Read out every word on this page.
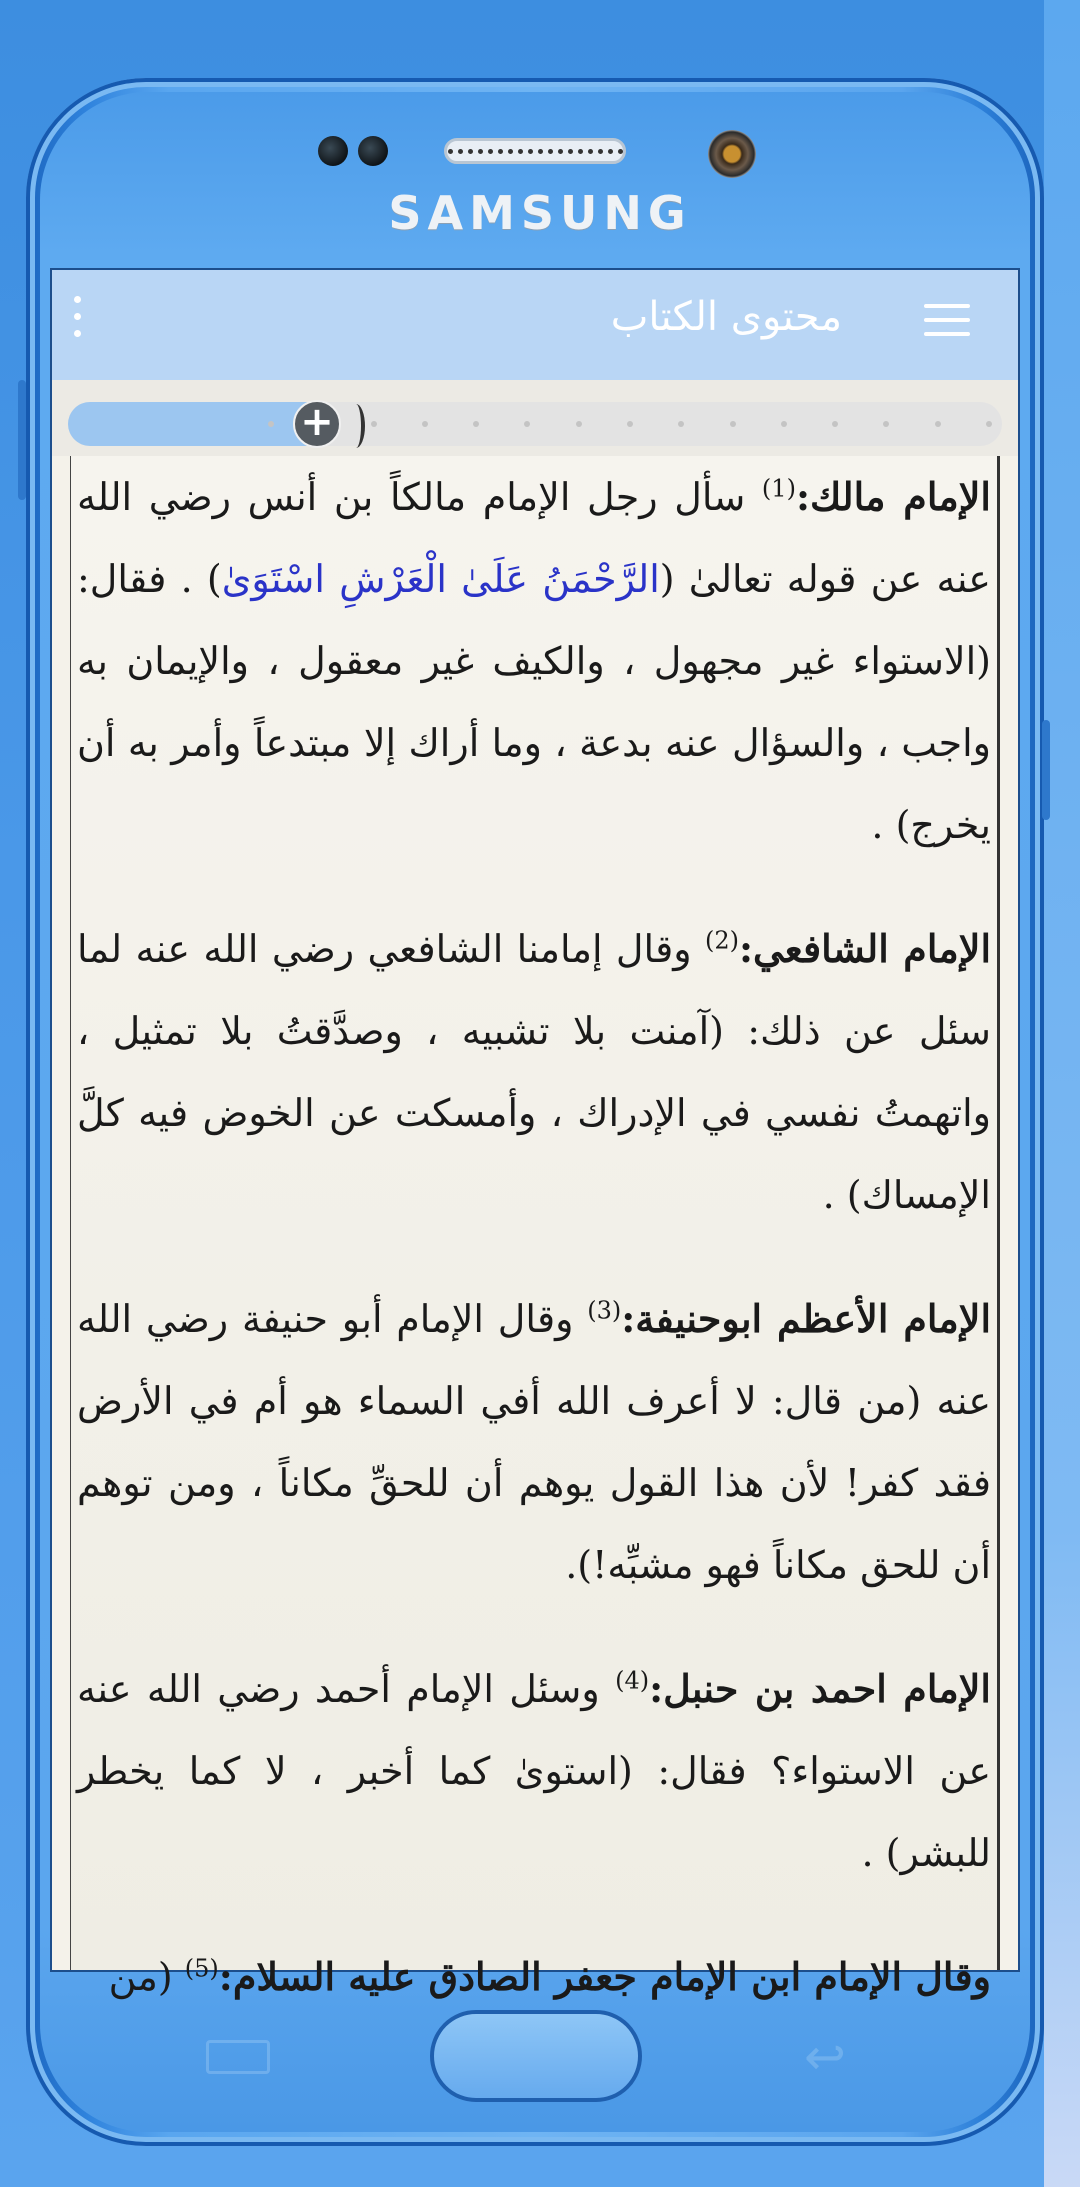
SAMSUNG
محتوى الكتاب
+

الإمام مالك:$^{(1)}$ سأل رجل الإمام مالكاً بن أنس رضي الله عنه عن قوله تعالىٰ (الرَّحْمَنُ عَلَىٰ الْعَرْشِ اسْتَوَىٰ) . فقال: (الاستواء غير مجهول ، والكيف غير معقول ، والإيمان به واجب ، والسؤال عنه بدعة ، وما أراك إلا مبتدعاً وأمر به أن يخرج) .

الإمام الشافعي:$^{(2)}$ وقال إمامنا الشافعي رضي الله عنه لما سئل عن ذلك: (آمنت بلا تشبيه ، وصدَّقتُ بلا تمثيل ، واتهمتُ نفسي في الإدراك ، وأمسكت عن الخوض فيه كلَّ الإمساك) .

الإمام الأعظم ابوحنيفة:$^{(3)}$ وقال الإمام أبو حنيفة رضي الله عنه (من قال: لا أعرف الله أفي السماء هو أم في الأرض فقد كفر! لأن هذا القول يوهم أن للحقِّ مكاناً ، ومن توهم أن للحق مكاناً فهو مشبِّه!).

الإمام احمد بن حنبل:$^{(4)}$ وسئل الإمام أحمد رضي الله عنه عن الاستواء؟ فقال: (استوىٰ كما أخبر ، لا كما يخطر للبشر) .

وقال الإمام ابن الإمام جعفر الصادق عليه السلام:$^{(5)}$ (من

↩
